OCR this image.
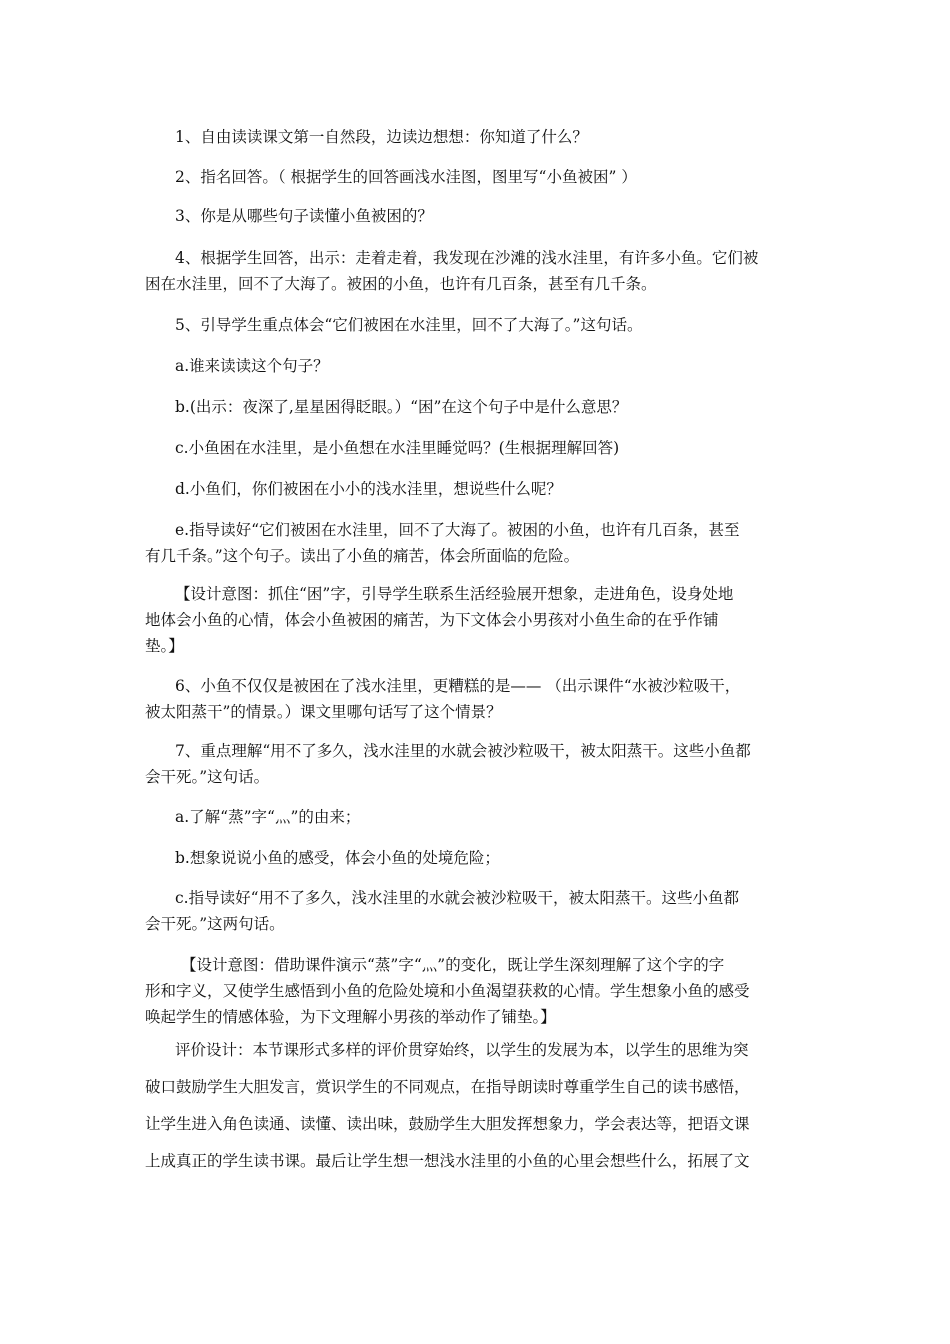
1、自由读读课文第一自然段，边读边想想：你知道了什么？
2、指名回答。（ 根据学生的回答画浅水洼图，图里写“小鱼被困” ）
3、你是从哪些句子读懂小鱼被困的？
4、根据学生回答，出示：走着走着，我发现在沙滩的浅水洼里，有许多小鱼。它们被
困在水洼里，回不了大海了。被困的小鱼，也许有几百条，甚至有几千条。
5、引导学生重点体会“它们被困在水洼里，回不了大海了。”这句话。
a.谁来读读这个句子？
b.(出示：夜深了,星星困得眨眼。）“困”在这个句子中是什么意思？
c.小鱼困在水洼里，是小鱼想在水洼里睡觉吗？(生根据理解回答)
d.小鱼们，你们被困在小小的浅水洼里，想说些什么呢？
e.指导读好“它们被困在水洼里，回不了大海了。被困的小鱼，也许有几百条，甚至
有几千条。”这个句子。读出了小鱼的痛苦，体会所面临的危险。
【设计意图：抓住“困”字，引导学生联系生活经验展开想象，走进角色，设身处地
地体会小鱼的心情，体会小鱼被困的痛苦，为下文体会小男孩对小鱼生命的在乎作铺
垫。】
6、小鱼不仅仅是被困在了浅水洼里，更糟糕的是—— （出示课件“水被沙粒吸干，
被太阳蒸干”的情景。）课文里哪句话写了这个情景？
7、重点理解“用不了多久，浅水洼里的水就会被沙粒吸干，被太阳蒸干。这些小鱼都
会干死。”这句话。
a.了解“蒸”字“灬”的由来；
b.想象说说小鱼的感受，体会小鱼的处境危险；
c.指导读好“用不了多久，浅水洼里的水就会被沙粒吸干，被太阳蒸干。这些小鱼都
会干死。”这两句话。
【设计意图：借助课件演示“蒸”字“灬”的变化，既让学生深刻理解了这个字的字
形和字义，又使学生感悟到小鱼的危险处境和小鱼渴望获救的心情。学生想象小鱼的感受
唤起学生的情感体验，为下文理解小男孩的举动作了铺垫。】
评价设计：本节课形式多样的评价贯穿始终，以学生的发展为本，以学生的思维为突
破口鼓励学生大胆发言，赏识学生的不同观点，在指导朗读时尊重学生自己的读书感悟，
让学生进入角色读通、读懂、读出味，鼓励学生大胆发挥想象力，学会表达等，把语文课
上成真正的学生读书课。最后让学生想一想浅水洼里的小鱼的心里会想些什么，拓展了文
